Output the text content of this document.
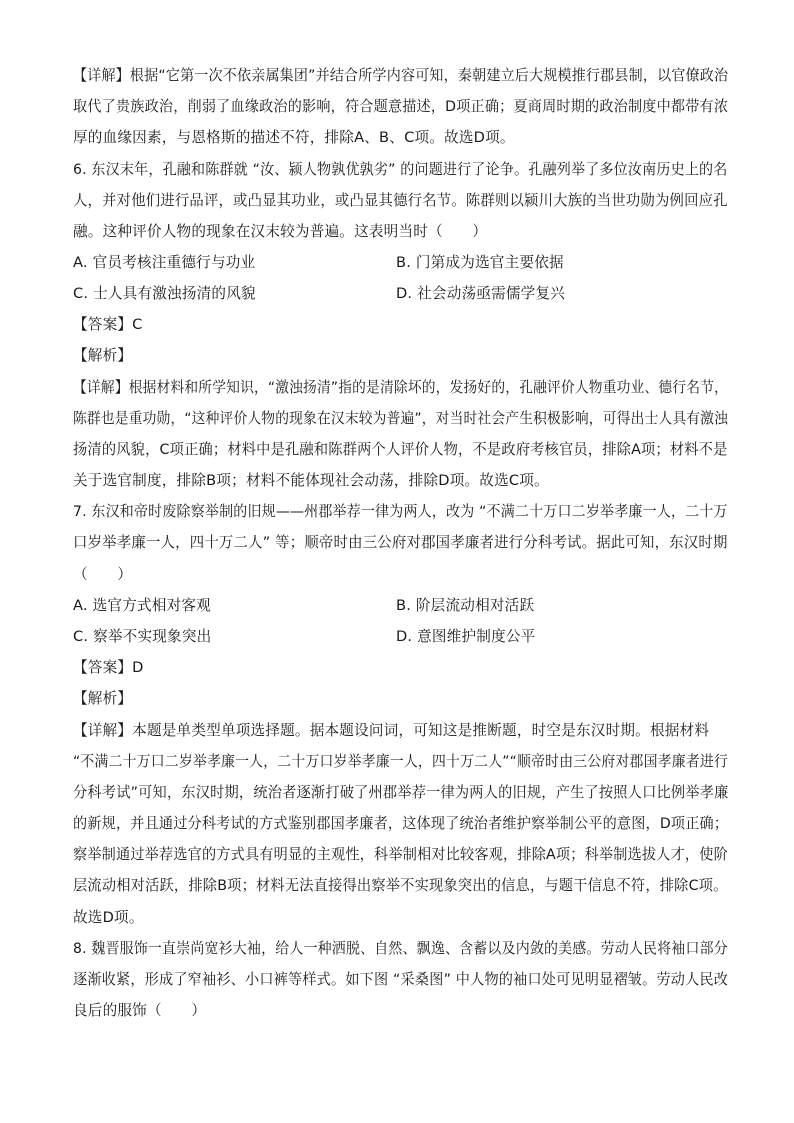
【详解】根据“它第一次不依亲属集团”并结合所学内容可知，秦朝建立后大规模推行郡县制，以官僚政治
取代了贵族政治，削弱了血缘政治的影响，符合题意描述，D项正确；夏商周时期的政治制度中都带有浓
厚的血缘因素，与恩格斯的描述不符，排除A、B、C项。故选D项。
6. 东汉末年，孔融和陈群就 “汝、颍人物孰优孰劣” 的问题进行了论争。孔融列举了多位汝南历史上的名
人，并对他们进行品评，或凸显其功业，或凸显其德行名节。陈群则以颍川大族的当世功勋为例回应孔
融。这种评价人物的现象在汉末较为普遍。这表明当时（　　）
A. 官员考核注重德行与功业	B. 门第成为选官主要依据
C. 士人具有激浊扬清的风貌	D. 社会动荡亟需儒学复兴
【答案】C
【解析】
【详解】根据材料和所学知识，“激浊扬清”指的是清除坏的，发扬好的，孔融评价人物重功业、德行名节，
陈群也是重功勋，“这种评价人物的现象在汉末较为普遍”，对当时社会产生积极影响，可得出士人具有激浊
扬清的风貌，C项正确；材料中是孔融和陈群两个人评价人物，不是政府考核官员，排除A项；材料不是
关于选官制度，排除B项；材料不能体现社会动荡，排除D项。故选C项。
7. 东汉和帝时废除察举制的旧规——州郡举荐一律为两人，改为 “不满二十万口二岁举孝廉一人，二十万
口岁举孝廉一人，四十万二人” 等；顺帝时由三公府对郡国孝廉者进行分科考试。据此可知，东汉时期
（　　）
A. 选官方式相对客观	B. 阶层流动相对活跃
C. 察举不实现象突出	D. 意图维护制度公平
【答案】D
【解析】
【详解】本题是单类型单项选择题。据本题设问词，可知这是推断题，时空是东汉时期。根据材料
“不满二十万口二岁举孝廉一人，二十万口岁举孝廉一人，四十万二人”“顺帝时由三公府对郡国孝廉者进行
分科考试”可知，东汉时期，统治者逐渐打破了州郡举荐一律为两人的旧规，产生了按照人口比例举孝廉
的新规，并且通过分科考试的方式鉴别郡国孝廉者，这体现了统治者维护察举制公平的意图，D项正确；
察举制通过举荐选官的方式具有明显的主观性，科举制相对比较客观，排除A项；科举制选拔人才，使阶
层流动相对活跃，排除B项；材料无法直接得出察举不实现象突出的信息，与题干信息不符，排除C项。
故选D项。
8. 魏晋服饰一直崇尚宽衫大袖，给人一种洒脱、自然、飘逸、含蓄以及内敛的美感。劳动人民将袖口部分
逐渐收紧，形成了窄袖衫、小口裤等样式。如下图 “采桑图” 中人物的袖口处可见明显褶皱。劳动人民改
良后的服饰（　　）
